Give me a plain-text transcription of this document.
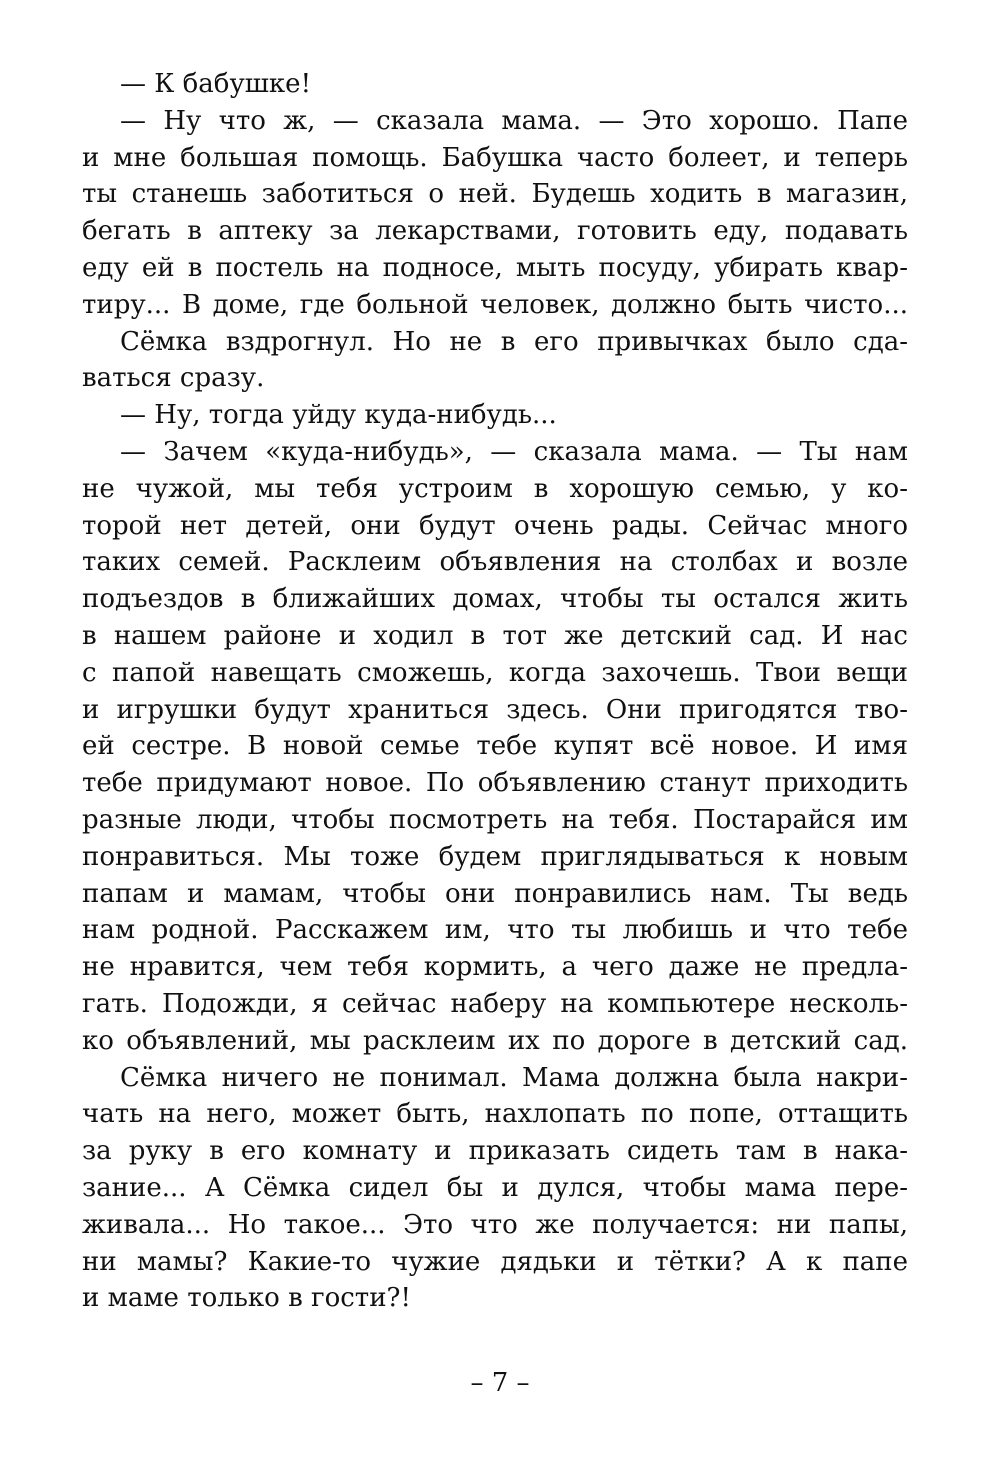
— К бабушке!
— Ну что ж, — сказала мама. — Это хорошо. Папе
и мне большая помощь. Бабушка часто болеет, и теперь
ты станешь заботиться о ней. Будешь ходить в магазин,
бегать в аптеку за лекарствами, готовить еду, подавать
еду ей в постель на подносе, мыть посуду, убирать квар-
тиру... В доме, где больной человек, должно быть чисто...
Сёмка вздрогнул. Но не в его привычках было сда-
ваться сразу.
— Ну, тогда уйду куда-нибудь...
— Зачем «куда-нибудь», — сказала мама. — Ты нам
не чужой, мы тебя устроим в хорошую семью, у ко-
торой нет детей, они будут очень рады. Сейчас много
таких семей. Расклеим объявления на столбах и возле
подъездов в ближайших домах, чтобы ты остался жить
в нашем районе и ходил в тот же детский сад. И нас
с папой навещать сможешь, когда захочешь. Твои вещи
и игрушки будут храниться здесь. Они пригодятся тво-
ей сестре. В новой семье тебе купят всё новое. И имя
тебе придумают новое. По объявлению станут приходить
разные люди, чтобы посмотреть на тебя. Постарайся им
понравиться. Мы тоже будем приглядываться к новым
папам и мамам, чтобы они понравились нам. Ты ведь
нам родной. Расскажем им, что ты любишь и что тебе
не нравится, чем тебя кормить, а чего даже не предла-
гать. Подожди, я сейчас наберу на компьютере несколь-
ко объявлений, мы расклеим их по дороге в детский сад.
Сёмка ничего не понимал. Мама должна была накри-
чать на него, может быть, нахлопать по попе, оттащить
за руку в его комнату и приказать сидеть там в нака-
зание... А Сёмка сидел бы и дулся, чтобы мама пере-
живала... Но такое... Это что же получается: ни папы,
ни мамы? Какие-то чужие дядьки и тётки? А к папе
и маме только в гости?!
– 7 –
